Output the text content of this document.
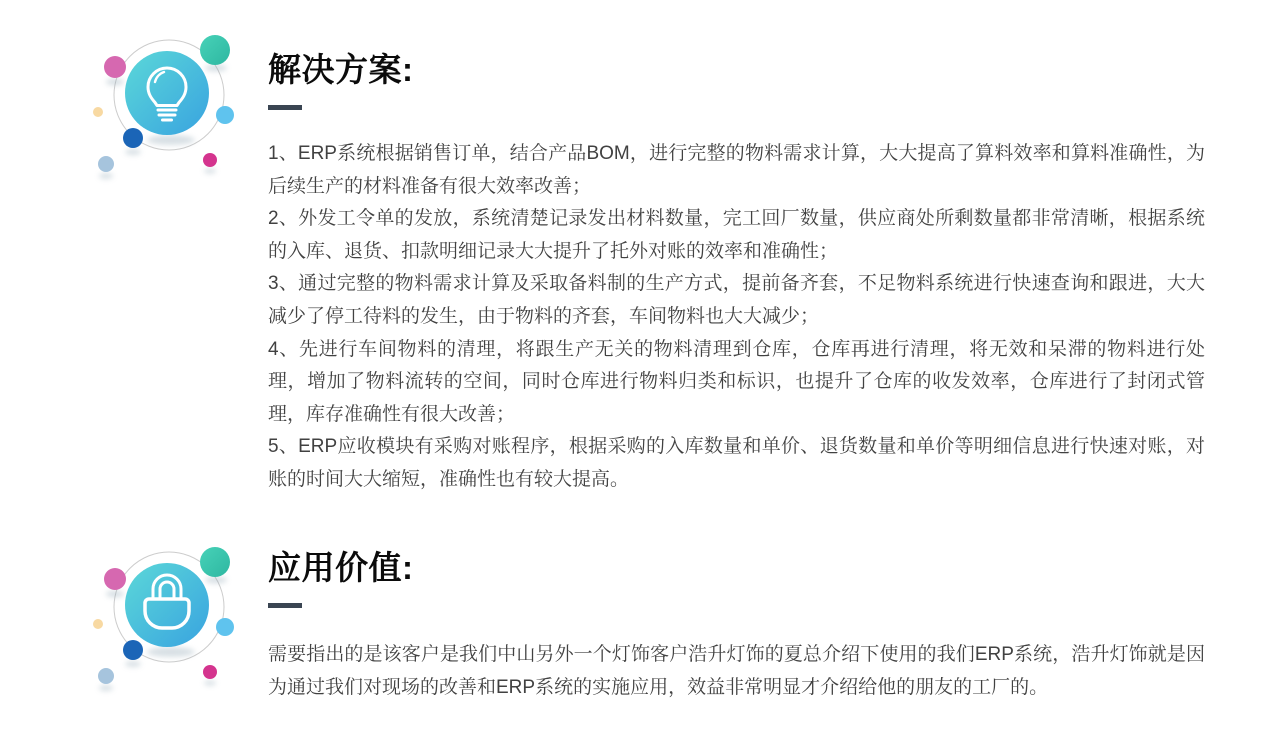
解决方案:

1、ERP系统根据销售订单，结合产品BOM，进行完整的物料需求计算，大大提高了算料效率和算料准确性，为后续生产的材料准备有很大效率改善；

2、外发工令单的发放，系统清楚记录发出材料数量，完工回厂数量，供应商处所剩数量都非常清晰，根据系统的入库、退货、扣款明细记录大大提升了托外对账的效率和准确性；

3、通过完整的物料需求计算及采取备料制的生产方式，提前备齐套，不足物料系统进行快速查询和跟进，大大减少了停工待料的发生，由于物料的齐套，车间物料也大大减少；

4、先进行车间物料的清理，将跟生产无关的物料清理到仓库，仓库再进行清理，将无效和呆滞的物料进行处理，增加了物料流转的空间，同时仓库进行物料归类和标识，也提升了仓库的收发效率，仓库进行了封闭式管理，库存准确性有很大改善；

5、ERP应收模块有采购对账程序，根据采购的入库数量和单价、退货数量和单价等明细信息进行快速对账，对账的时间大大缩短，准确性也有较大提高。

应用价值:

需要指出的是该客户是我们中山另外一个灯饰客户浩升灯饰的夏总介绍下使用的我们ERP系统，浩升灯饰就是因为通过我们对现场的改善和ERP系统的实施应用，效益非常明显才介绍给他的朋友的工厂的。
